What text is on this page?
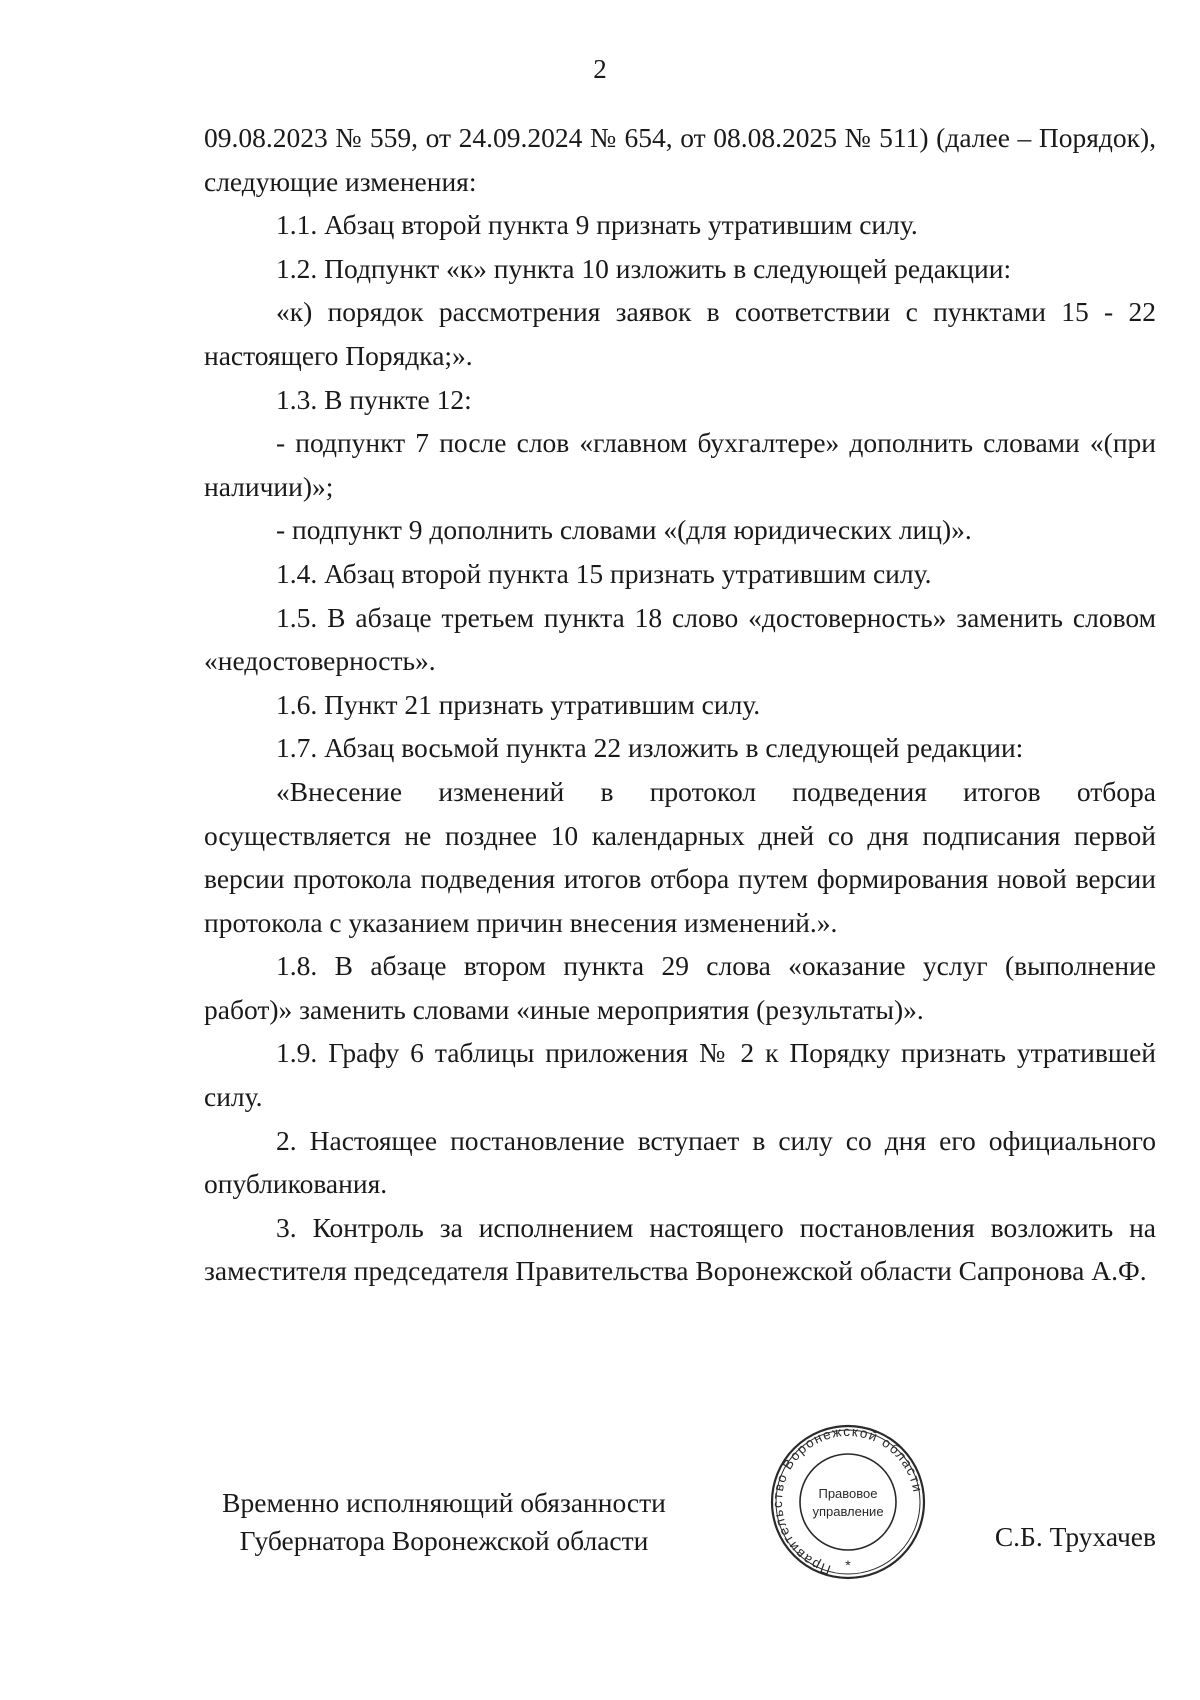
2

09.08.2023 № 559, от 24.09.2024 № 654, от 08.08.2025 № 511) (далее – Порядок), следующие изменения:

1.1. Абзац второй пункта 9 признать утратившим силу.

1.2. Подпункт «к» пункта 10 изложить в следующей редакции:

«к) порядок рассмотрения заявок в соответствии с пунктами 15 - 22 настоящего Порядка;».

1.3. В пункте 12:

- подпункт 7 после слов «главном бухгалтере» дополнить словами «(при наличии)»;

- подпункт 9 дополнить словами «(для юридических лиц)».

1.4. Абзац второй пункта 15 признать утратившим силу.

1.5. В абзаце третьем пункта 18 слово «достоверность» заменить словом «недостоверность».

1.6. Пункт 21 признать утратившим силу.

1.7. Абзац восьмой пункта 22 изложить в следующей редакции:

«Внесение изменений в протокол подведения итогов отбора осуществляется не позднее 10 календарных дней со дня подписания первой версии протокола подведения итогов отбора путем формирования новой версии протокола с указанием причин внесения изменений.».

1.8. В абзаце втором пункта 29 слова «оказание услуг (выполнение работ)» заменить словами «иные мероприятия (результаты)».

1.9. Графу 6 таблицы приложения № 2 к Порядку признать утратившей силу.

2. Настоящее постановление вступает в силу со дня его официального опубликования.

3. Контроль за исполнением настоящего постановления возложить на заместителя председателя Правительства Воронежской области Сапронова А.Ф.

Временно исполняющий обязанности
Губернатора Воронежской области
Правительство Воронежской области
Правовое
управление
*
С.Б. Трухачев
